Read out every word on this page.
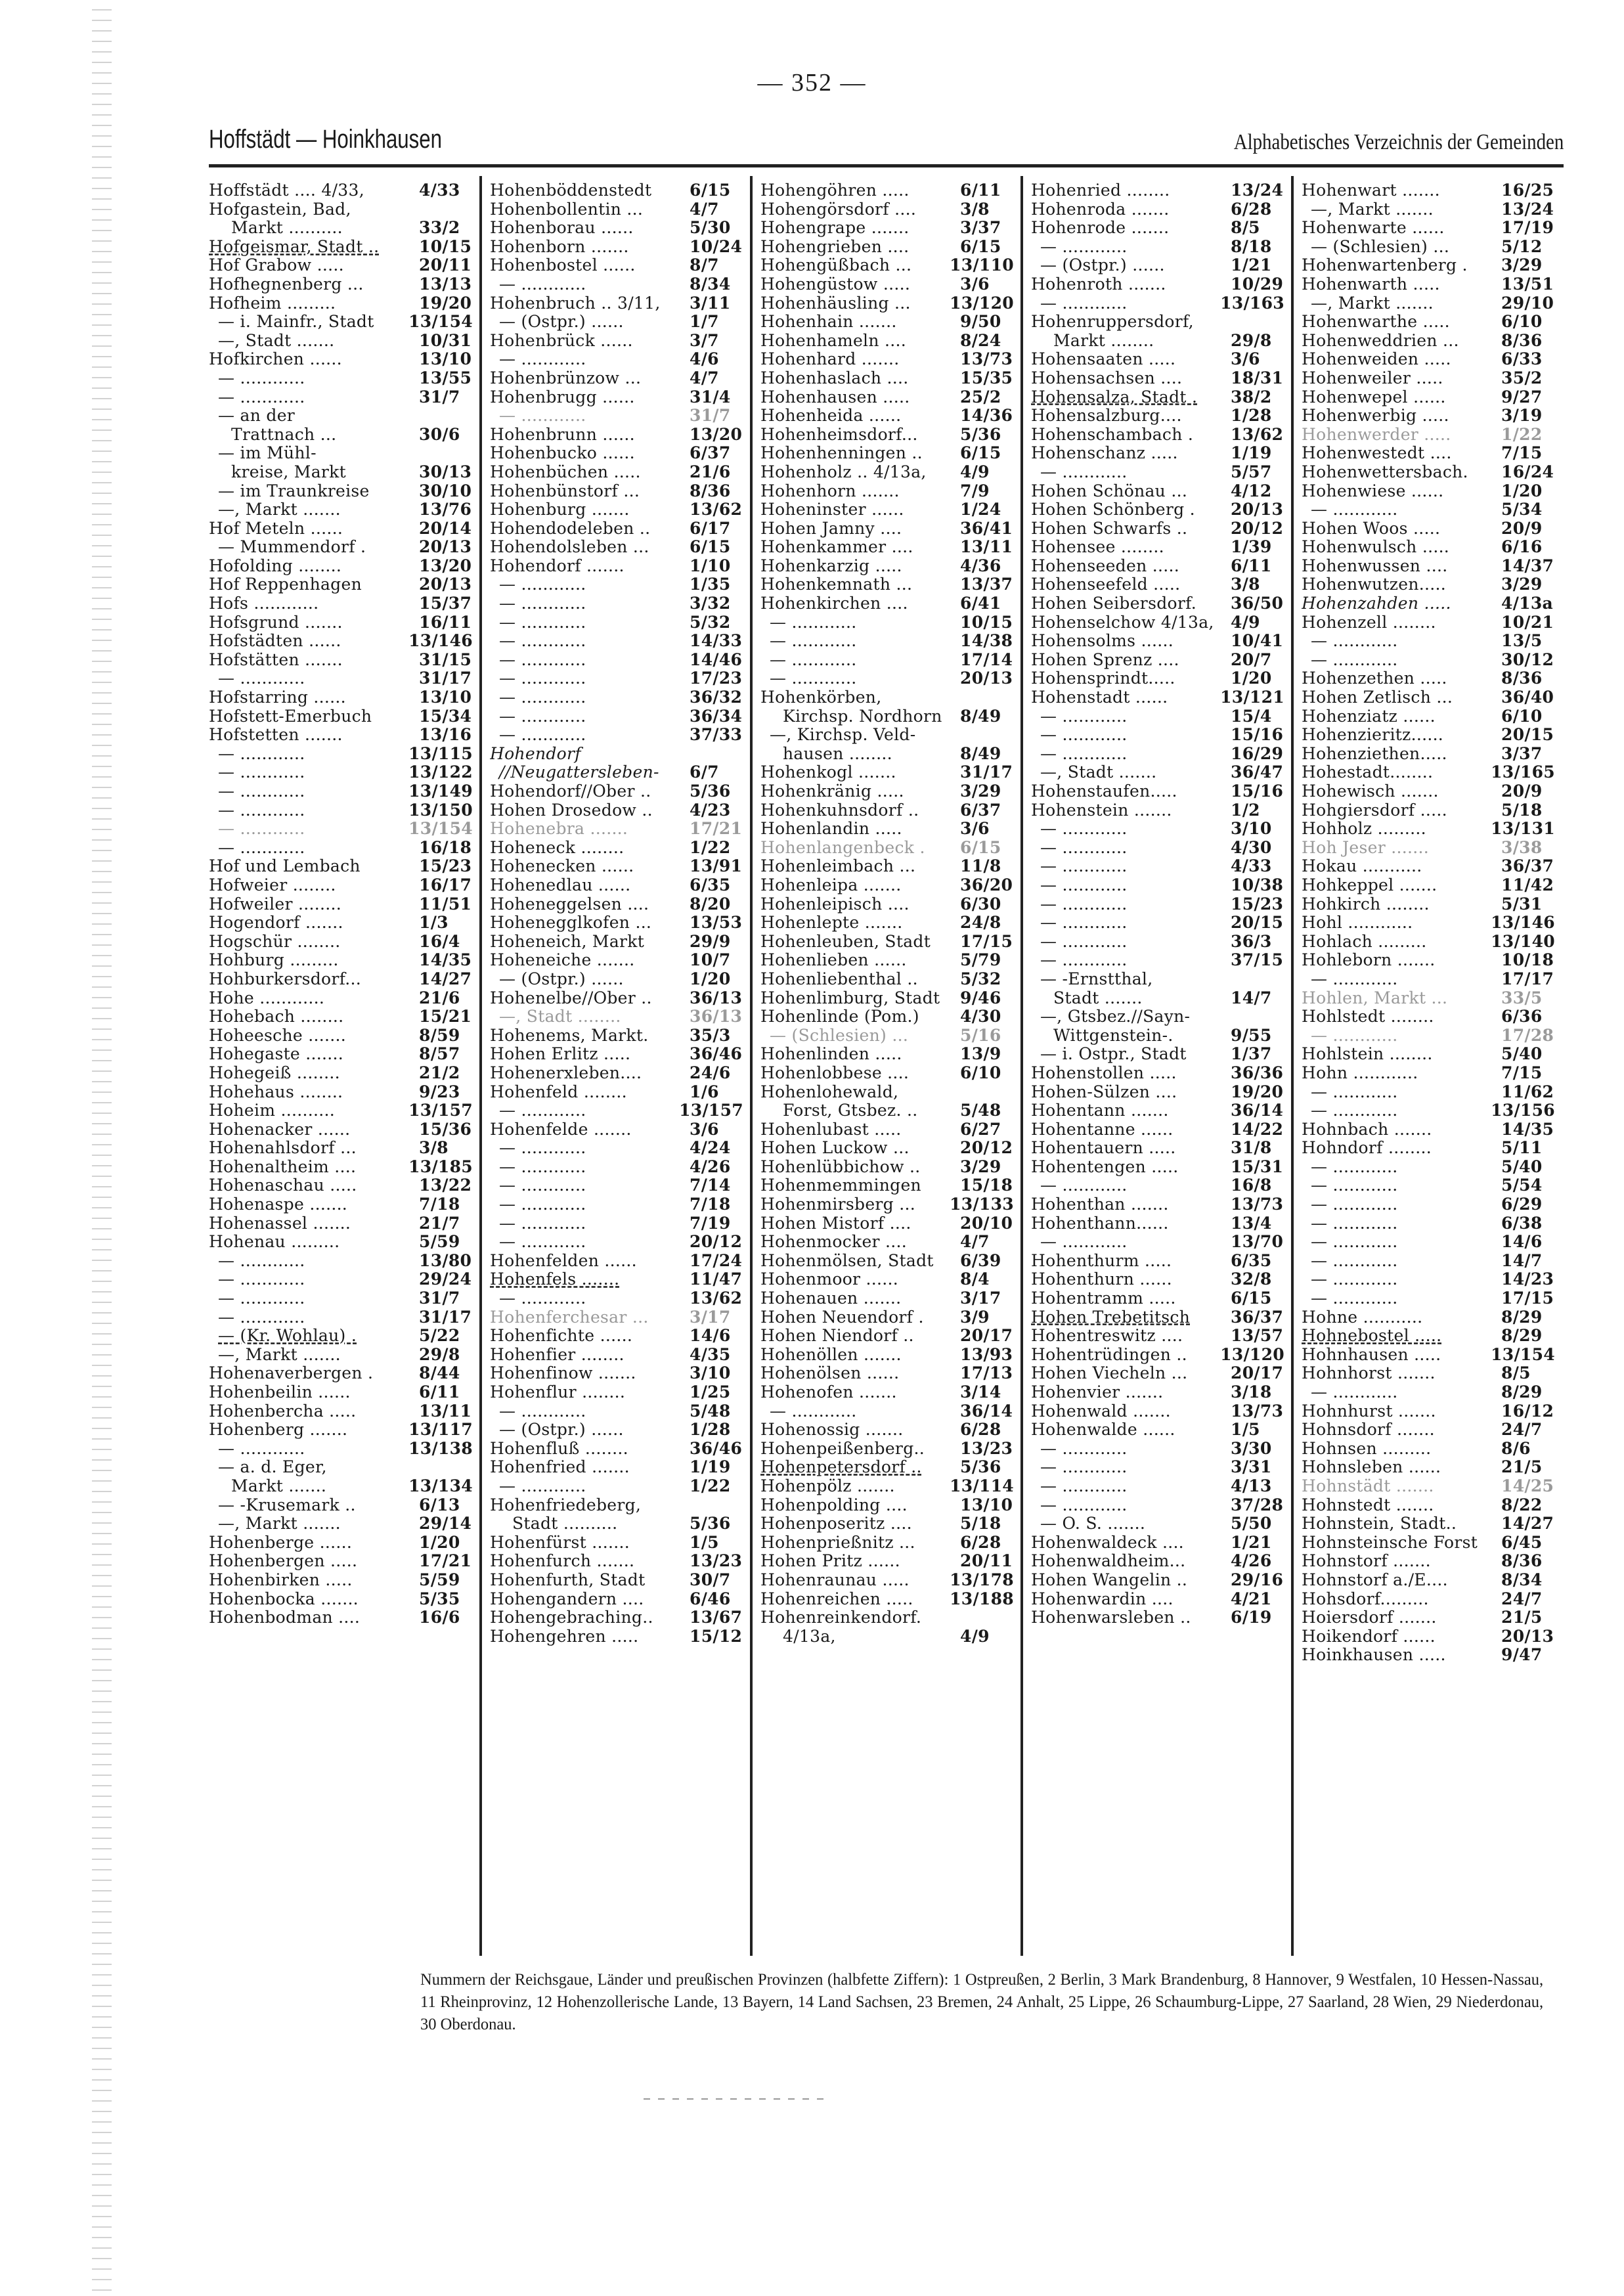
— 352 —
Hoffstädt — Hoinkhausen	Alphabetisches Verzeichnis der Gemeinden
Hoffstädt .... 4/33,	4/33
Hofgastein, Bad,
Markt ..........	33/2
Hofgeismar, Stadt ..	10/15
Hof Grabow .....	20/11
Hofhegnenberg ...	13/13
Hofheim .........	19/20
— i. Mainfr., Stadt	13/154
—, Stadt .......	10/31
Hofkirchen ......	13/10
— ............	13/55
— ............	31/7
— an der
Trattnach ...	30/6
— im Mühl-
kreise, Markt	30/13
— im Traunkreise	30/10
—, Markt .......	13/76
Hof Meteln ......	20/14
— Mummendorf .	20/13
Hofolding ........	13/20
Hof Reppenhagen	20/13
Hofs ............	15/37
Hofsgrund .......	16/11
Hofstädten ......	13/146
Hofstätten .......	31/15
— ............	31/17
Hofstarring ......	13/10
Hofstett-Emerbuch	15/34
Hofstetten .......	13/16
— ............	13/115
— ............	13/122
— ............	13/149
— ............	13/150
— ............	13/154
— ............	16/18
Hof und Lembach	15/23
Hofweier ........	16/17
Hofweiler ........	11/51
Hogendorf .......	1/3
Hogschür ........	16/4
Hohburg .........	14/35
Hohburkersdorf...	14/27
Hohe ............	21/6
Hohebach ........	15/21
Hoheesche .......	8/59
Hohegaste .......	8/57
Hohegeiß ........	21/2
Hohehaus ........	9/23
Hoheim ..........	13/157
Hohenacker ......	15/36
Hohenahlsdorf ...	3/8
Hohenaltheim ....	13/185
Hohenaschau .....	13/22
Hohenaspe .......	7/18
Hohenassel .......	21/7
Hohenau .........	5/59
— ............	13/80
— ............	29/24
— ............	31/7
— ............	31/17
— (Kr. Wohlau) .	5/22
—, Markt .......	29/8
Hohenaverbergen .	8/44
Hohenbeilin ......	6/11
Hohenbercha .....	13/11
Hohenberg .......	13/117
— ............	13/138
— a. d. Eger,
Markt .......	13/134
— -Krusemark ..	6/13
—, Markt .......	29/14
Hohenberge ......	1/20
Hohenbergen .....	17/21
Hohenbirken .....	5/59
Hohenbocka .......	5/35
Hohenbodman ....	16/6
Hohenböddenstedt	6/15
Hohenbollentin ...	4/7
Hohenborau ......	5/30
Hohenborn .......	10/24
Hohenbostel ......	8/7
— ............	8/34
Hohenbruch .. 3/11,	3/11
— (Ostpr.) ......	1/7
Hohenbrück ......	3/7
— ............	4/6
Hohenbrünzow ...	4/7
Hohenbrugg ......	31/4
— ............	31/7
Hohenbrunn ......	13/20
Hohenbucko ......	6/37
Hohenbüchen .....	21/6
Hohenbünstorf ...	8/36
Hohenburg .......	13/62
Hohendodeleben ..	6/17
Hohendolsleben ...	6/15
Hohendorf .......	1/10
— ............	1/35
— ............	3/32
— ............	5/32
— ............	14/33
— ............	14/46
— ............	17/23
— ............	36/32
— ............	36/34
— ............	37/33
Hohendorf
//Neugattersleben-	6/7
Hohendorf//Ober ..	5/36
Hohen Drosedow ..	4/23
Hohenebra .......	17/21
Hoheneck ........	1/22
Hohenecken ......	13/91
Hohenedlau ......	6/35
Hoheneggelsen ....	8/20
Hohenegglkofen ...	13/53
Hoheneich, Markt	29/9
Hoheneiche .......	10/7
— (Ostpr.) ......	1/20
Hohenelbe//Ober ..	36/13
—, Stadt ........	36/13
Hohenems, Markt.	35/3
Hohen Erlitz .....	36/46
Hohenerxleben....	24/6
Hohenfeld ........	1/6
— ............	13/157
Hohenfelde .......	3/6
— ............	4/24
— ............	4/26
— ............	7/14
— ............	7/18
— ............	7/19
— ............	20/12
Hohenfelden ......	17/24
Hohenfels .......	11/47
— ............	13/62
Hohenferchesar ...	3/17
Hohenfichte ......	14/6
Hohenfier ........	4/35
Hohenfinow .......	3/10
Hohenflur ........	1/25
— ............	5/48
— (Ostpr.) ......	1/28
Hohenfluß ........	36/46
Hohenfried .......	1/19
— ............	1/22
Hohenfriedeberg,
Stadt ..........	5/36
Hohenfürst .......	1/5
Hohenfurch .......	13/23
Hohenfurth, Stadt	30/7
Hohengandern ....	6/46
Hohengebraching..	13/67
Hohengehren .....	15/12
Hohengöhren .....	6/11
Hohengörsdorf ....	3/8
Hohengrape .......	3/37
Hohengrieben ....	6/15
Hohengüßbach ...	13/110
Hohengüstow .....	3/6
Hohenhäusling ...	13/120
Hohenhain .......	9/50
Hohenhameln ....	8/24
Hohenhard .......	13/73
Hohenhaslach ....	15/35
Hohenhausen .....	25/2
Hohenheida ......	14/36
Hohenheimsdorf...	5/36
Hohenhenningen ..	6/15
Hohenholz .. 4/13a,	4/9
Hohenhorn .......	7/9
Hoheninster ......	1/24
Hohen Jamny ....	36/41
Hohenkammer ....	13/11
Hohenkarzig .....	4/36
Hohenkemnath ...	13/37
Hohenkirchen ....	6/41
— ............	10/15
— ............	14/38
— ............	17/14
— ............	20/13
Hohenkörben,
Kirchsp. Nordhorn	8/49
—, Kirchsp. Veld-
hausen ........	8/49
Hohenkogl .......	31/17
Hohenkränig .....	3/29
Hohenkuhnsdorf ..	6/37
Hohenlandin .....	3/6
Hohenlangenbeck .	6/15
Hohenleimbach ...	11/8
Hohenleipa .......	36/20
Hohenleipisch ....	6/30
Hohenlepte .......	24/8
Hohenleuben, Stadt	17/15
Hohenlieben ......	5/79
Hohenliebenthal ..	5/32
Hohenlimburg, Stadt	9/46
Hohenlinde (Pom.)	4/30
— (Schlesien) ...	5/16
Hohenlinden .....	13/9
Hohenlobbese ....	6/10
Hohenlohewald,
Forst, Gtsbez. ..	5/48
Hohenlubast .....	6/27
Hohen Luckow ...	20/12
Hohenlübbichow ..	3/29
Hohenmemmingen	15/18
Hohenmirsberg ...	13/133
Hohen Mistorf ....	20/10
Hohenmocker ....	4/7
Hohenmölsen, Stadt	6/39
Hohenmoor ......	8/4
Hohenauen .......	3/17
Hohen Neuendorf .	3/9
Hohen Niendorf ..	20/17
Hohenöllen .......	13/93
Hohenölsen ......	17/13
Hohenofen .......	3/14
— ............	36/14
Hohenossig .......	6/28
Hohenpeißenberg..	13/23
Hohenpetersdorf ..	5/36
Hohenpölz .......	13/114
Hohenpolding ....	13/10
Hohenposeritz ....	5/18
Hohenprießnitz ...	6/28
Hohen Pritz ......	20/11
Hohenraunau .....	13/178
Hohenreichen .....	13/188
Hohenreinkendorf.
4/13a,	4/9
Hohenried ........	13/24
Hohenroda .......	6/28
Hohenrode .......	8/5
— ............	8/18
— (Ostpr.) ......	1/21
Hohenroth .......	10/29
— ............	13/163
Hohenruppersdorf,
Markt ........	29/8
Hohensaaten .....	3/6
Hohensachsen ....	18/31
Hohensalza, Stadt .	38/2
Hohensalzburg....	1/28
Hohenschambach .	13/62
Hohenschanz .....	1/19
— ............	5/57
Hohen Schönau ...	4/12
Hohen Schönberg .	20/13
Hohen Schwarfs ..	20/12
Hohensee ........	1/39
Hohenseeden .....	6/11
Hohenseefeld .....	3/8
Hohen Seibersdorf.	36/50
Hohenselchow 4/13a,	4/9
Hohensolms ......	10/41
Hohen Sprenz ....	20/7
Hohensprindt.....	1/20
Hohenstadt ......	13/121
— ............	15/4
— ............	15/16
— ............	16/29
—, Stadt .......	36/47
Hohenstaufen.....	15/16
Hohenstein .......	1/2
— ............	3/10
— ............	4/30
— ............	4/33
— ............	10/38
— ............	15/23
— ............	20/15
— ............	36/3
— ............	37/15
— -Ernstthal,
Stadt .......	14/7
—, Gtsbez.//Sayn-
Wittgenstein-.	9/55
— i. Ostpr., Stadt	1/37
Hohenstollen .....	36/36
Hohen-Sülzen ....	19/20
Hohentann .......	36/14
Hohentanne ......	14/22
Hohentauern .....	31/8
Hohentengen .....	15/31
— ............	16/8
Hohenthan .......	13/73
Hohenthann......	13/4
— ............	13/70
Hohenthurm .....	6/35
Hohenthurn ......	32/8
Hohentramm .....	6/15
Hohen Trebetitsch	36/37
Hohentreswitz ....	13/57
Hohentrüdingen ..	13/120
Hohen Viecheln ...	20/17
Hohenvier .......	3/18
Hohenwald .......	13/73
Hohenwalde ......	1/5
— ............	3/30
— ............	3/31
— ............	4/13
— ............	37/28
— O. S. .......	5/50
Hohenwaldeck ....	1/21
Hohenwaldheim...	4/26
Hohen Wangelin ..	29/16
Hohenwardin ....	4/21
Hohenwarsleben ..	6/19
Hohenwart .......	16/25
—, Markt .......	13/24
Hohenwarte ......	17/19
— (Schlesien) ...	5/12
Hohenwartenberg .	3/29
Hohenwarth .....	13/51
—, Markt .......	29/10
Hohenwarthe .....	6/10
Hohenweddrien ...	8/36
Hohenweiden .....	6/33
Hohenweiler .....	35/2
Hohenwepel ......	9/27
Hohenwerbig .....	3/19
Hohenwerder .....	1/22
Hohenwestedt ....	7/15
Hohenwettersbach.	16/24
Hohenwiese ......	1/20
— ............	5/34
Hohen Woos .....	20/9
Hohenwulsch .....	6/16
Hohenwussen ....	14/37
Hohenwutzen.....	3/29
Hohenzahden .....	4/13a
Hohenzell ........	10/21
— ............	13/5
— ............	30/12
Hohenzethen .....	8/36
Hohen Zetlisch ...	36/40
Hohenziatz ......	6/10
Hohenzieritz......	20/15
Hohenziethen.....	3/37
Hohestadt........	13/165
Hohewisch .......	20/9
Hohgiersdorf .....	5/18
Hohholz .........	13/131
Hoh Jeser .......	3/38
Hokau ...........	36/37
Hohkeppel .......	11/42
Hohkirch ........	5/31
Hohl ............	13/146
Hohlach .........	13/140
Hohleborn .......	10/18
— ............	17/17
Hohlen, Markt ...	33/5
Hohlstedt ........	6/36
— ............	17/28
Hohlstein ........	5/40
Hohn ............	7/15
— ............	11/62
— ............	13/156
Hohnbach .......	14/35
Hohndorf ........	5/11
— ............	5/40
— ............	5/54
— ............	6/29
— ............	6/38
— ............	14/6
— ............	14/7
— ............	14/23
— ............	17/15
Hohne ...........	8/29
Hohnebostel .....	8/29
Hohnhausen .....	13/154
Hohnhorst .......	8/5
— ............	8/29
Hohnhurst .......	16/12
Hohnsdorf .......	24/7
Hohnsen .........	8/6
Hohnsleben ......	21/5
Hohnstädt .......	14/25
Hohnstedt .......	8/22
Hohnstein, Stadt..	14/27
Hohnsteinsche Forst	6/45
Hohnstorf .......	8/36
Hohnstorf a./E....	8/34
Hohsdorf.........	24/7
Hoiersdorf .......	21/5
Hoikendorf ......	20/13
Hoinkhausen .....	9/47
Nummern der Reichsgaue, Länder und preußischen Provinzen (halbfette Ziffern): 1 Ostpreußen, 2 Berlin, 3 Mark Brandenburg, 8 Hannover, 9 Westfalen, 10 Hessen-Nassau, 11 Rheinprovinz, 12 Hohenzollerische Lande, 13 Bayern, 14 Land Sachsen, 23 Bremen, 24 Anhalt, 25 Lippe, 26 Schaumburg-Lippe, 27 Saarland, 28 Wien, 29 Niederdonau, 30 Oberdonau.
